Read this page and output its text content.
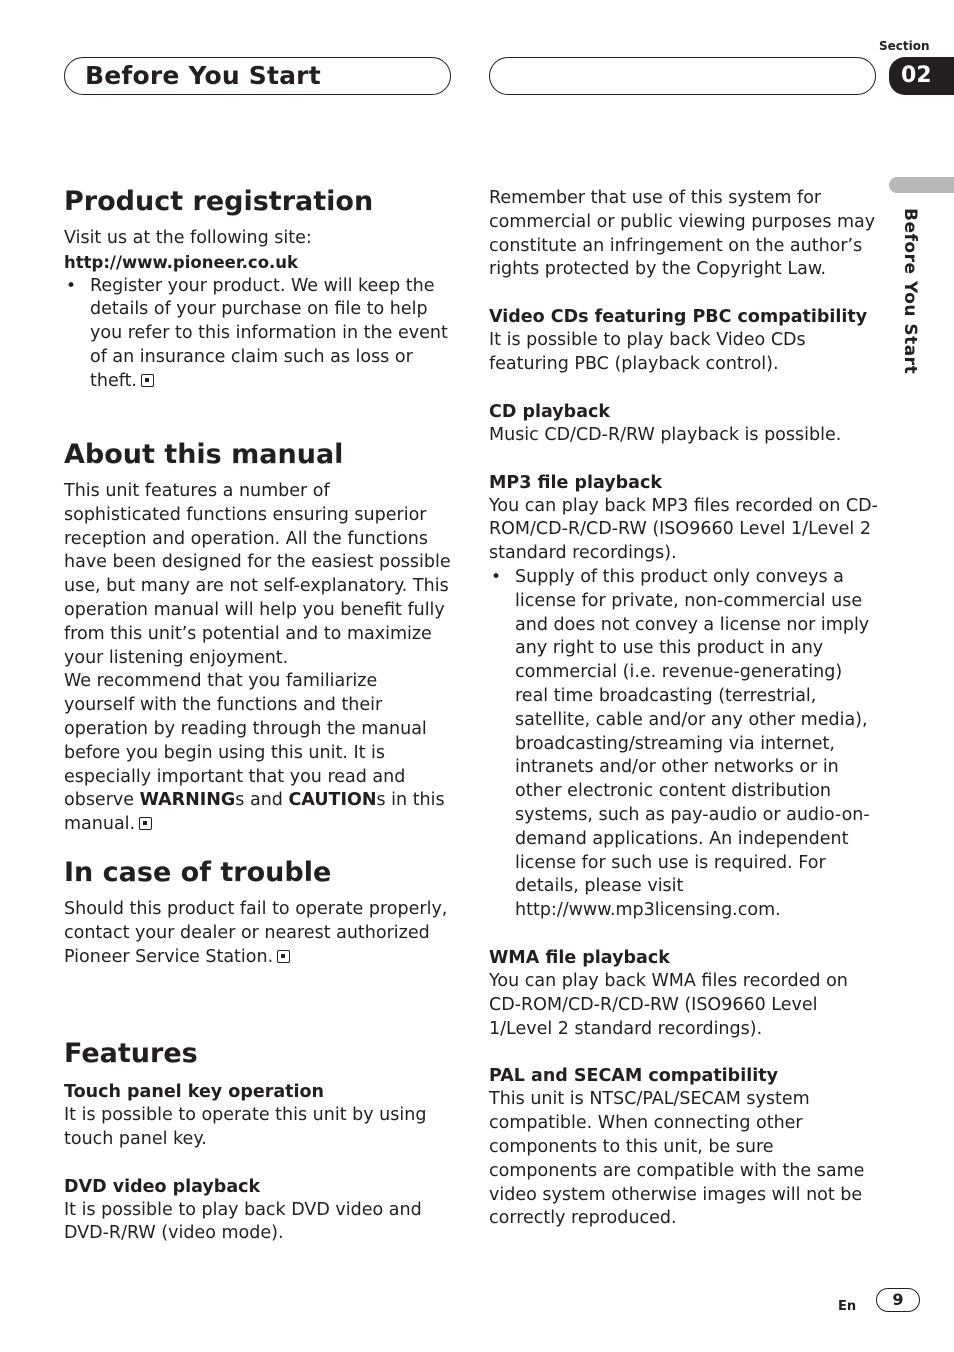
Before You Start
Section
02
Before You Start
Product registration

Visit us at the following site:

http://www.pioneer.co.uk

• Register your product. We will keep the details of your purchase on file to help you refer to this information in the event of an insurance claim such as loss or theft.

About this manual

This unit features a number of sophisticated functions ensuring superior reception and operation. All the functions have been designed for the easiest possible use, but many are not self-explanatory. This operation manual will help you benefit fully from this unit’s potential and to maximize your listening enjoyment.

We recommend that you familiarize yourself with the functions and their operation by reading through the manual before you begin using this unit. It is especially important that you read and observe WARNINGs and CAUTIONs in this manual.

In case of trouble

Should this product fail to operate properly, contact your dealer or nearest authorized Pioneer Service Station.

Features
Touch panel key operation

It is possible to operate this unit by using touch panel key.

DVD video playback

It is possible to play back DVD video and DVD-R/RW (video mode).

Remember that use of this system for commercial or public viewing purposes may constitute an infringement on the author’s rights protected by the Copyright Law.

Video CDs featuring PBC compatibility

It is possible to play back Video CDs featuring PBC (playback control).

CD playback

Music CD/CD-R/RW playback is possible.

MP3 file playback

You can play back MP3 files recorded on CD-ROM/CD-R/CD-RW (ISO9660 Level 1/Level 2 standard recordings).

• Supply of this product only conveys a license for private, non-commercial use and does not convey a license nor imply any right to use this product in any commercial (i.e. revenue-generating) real time broadcasting (terrestrial, satellite, cable and/or any other media), broadcasting/streaming via internet, intranets and/or other networks or in other electronic content distribution systems, such as pay-audio or audio-on-demand applications. An independent license for such use is required. For details, please visit http://www.mp3licensing.com.

WMA file playback

You can play back WMA files recorded on CD-ROM/CD-R/CD-RW (ISO9660 Level 1/Level 2 standard recordings).

PAL and SECAM compatibility

This unit is NTSC/PAL/SECAM system compatible. When connecting other components to this unit, be sure components are compatible with the same video system otherwise images will not be correctly reproduced.

En	9
